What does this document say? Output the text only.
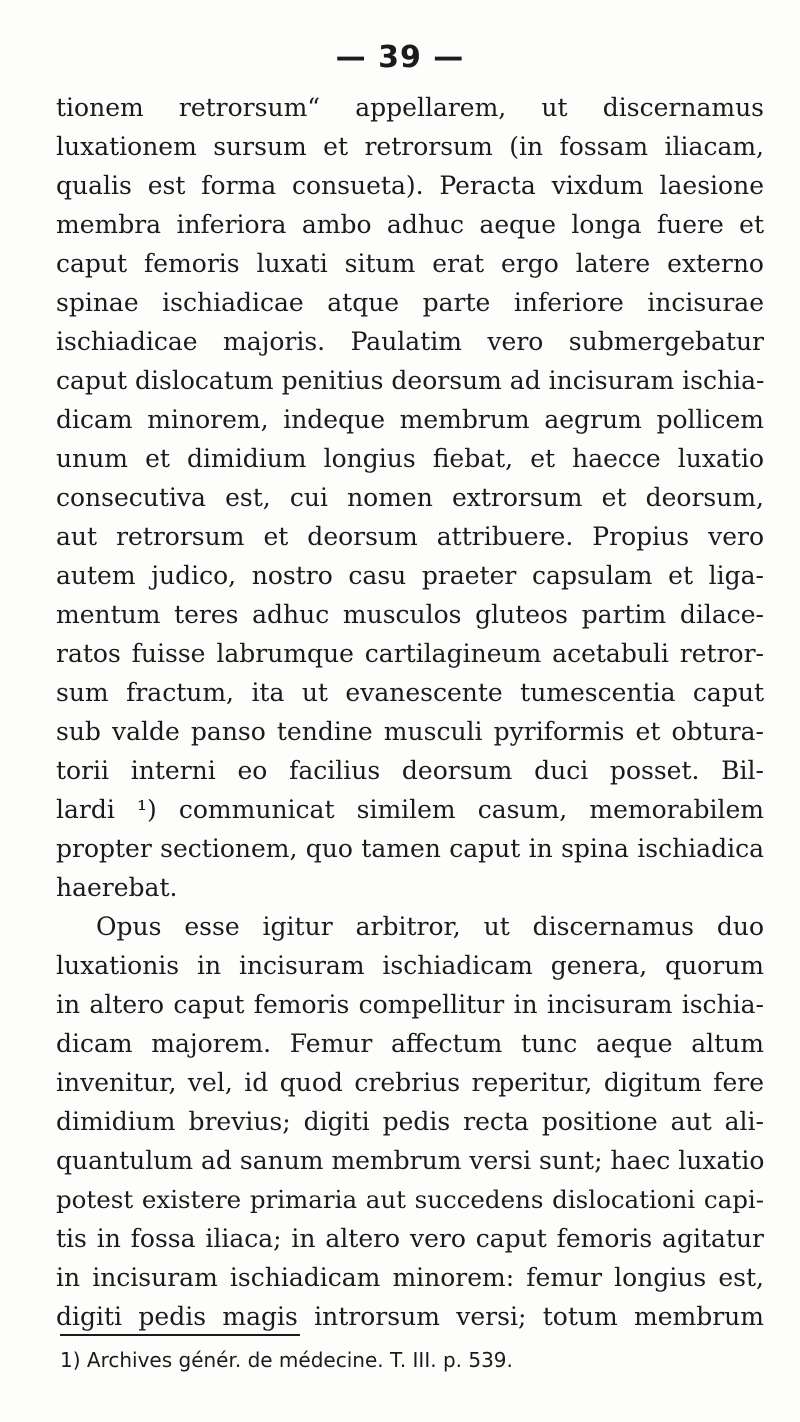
— 39 —
tionem retrorsum“ appellarem, ut discernamus
luxationem sursum et retrorsum (in fossam iliacam,
qualis est forma consueta). Peracta vixdum laesione
membra inferiora ambo adhuc aeque longa fuere et
caput femoris luxati situm erat ergo latere externo
spinae ischiadicae atque parte inferiore incisurae
ischiadicae majoris. Paulatim vero submergebatur
caput dislocatum penitius deorsum ad incisuram ischia-
dicam minorem, indeque membrum aegrum pollicem
unum et dimidium longius fiebat, et haecce luxatio
consecutiva est, cui nomen extrorsum et deorsum,
aut retrorsum et deorsum attribuere. Propius vero
autem judico, nostro casu praeter capsulam et liga-
mentum teres adhuc musculos gluteos partim dilace-
ratos fuisse labrumque cartilagineum acetabuli retror-
sum fractum, ita ut evanescente tumescentia caput
sub valde panso tendine musculi pyriformis et obtura-
torii interni eo facilius deorsum duci posset. Bil-
lardi ¹) communicat similem casum, memorabilem
propter sectionem, quo tamen caput in spina ischiadica
haerebat.
Opus esse igitur arbitror, ut discernamus duo
luxationis in incisuram ischiadicam genera, quorum
in altero caput femoris compellitur in incisuram ischia-
dicam majorem. Femur affectum tunc aeque altum
invenitur, vel, id quod crebrius reperitur, digitum fere
dimidium brevius; digiti pedis recta positione aut ali-
quantulum ad sanum membrum versi sunt; haec luxatio
potest existere primaria aut succedens dislocationi capi-
tis in fossa iliaca; in altero vero caput femoris agitatur
in incisuram ischiadicam minorem: femur longius est,
digiti pedis magis introrsum versi; totum membrum
1) Archives génér. de médecine. T. III. p. 539.
